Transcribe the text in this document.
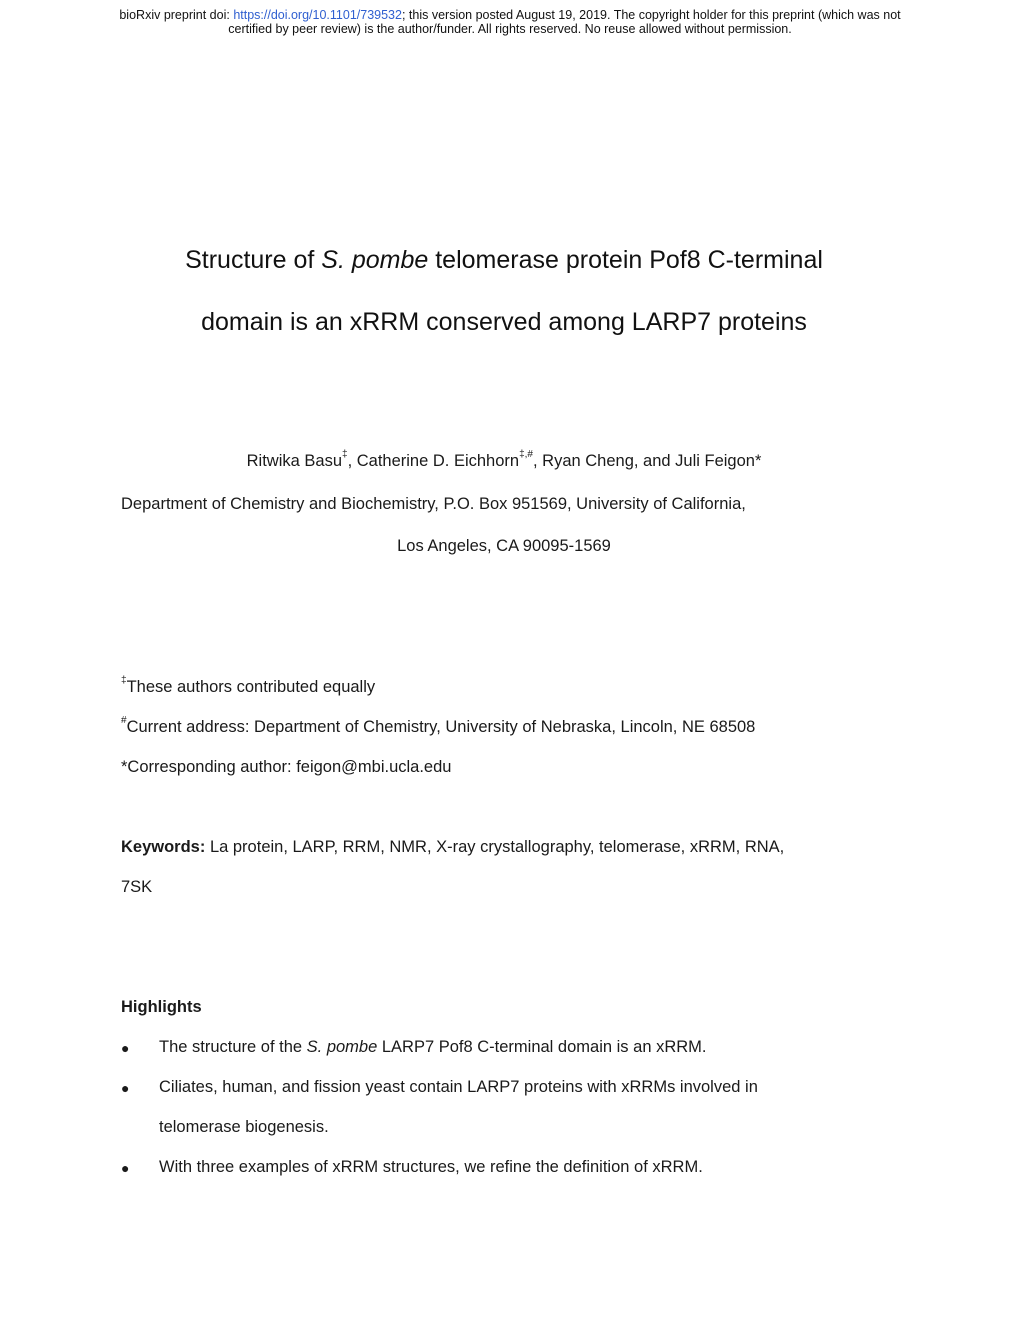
bioRxiv preprint doi: https://doi.org/10.1101/739532; this version posted August 19, 2019. The copyright holder for this preprint (which was not
certified by peer review) is the author/funder. All rights reserved. No reuse allowed without permission.
Structure of S. pombe telomerase protein Pof8 C-terminal
domain is an xRRM conserved among LARP7 proteins
Ritwika Basu‡, Catherine D. Eichhorn‡,#, Ryan Cheng, and Juli Feigon*
Department of Chemistry and Biochemistry, P.O. Box 951569, University of California,
Los Angeles, CA 90095-1569
‡These authors contributed equally
#Current address: Department of Chemistry, University of Nebraska, Lincoln, NE 68508
*Corresponding author: feigon@mbi.ucla.edu
Keywords: La protein, LARP, RRM, NMR, X-ray crystallography, telomerase, xRRM, RNA,
7SK
Highlights
● The structure of the S. pombe LARP7 Pof8 C-terminal domain is an xRRM.
● Ciliates, human, and fission yeast contain LARP7 proteins with xRRMs involved in
telomerase biogenesis.
● With three examples of xRRM structures, we refine the definition of xRRM.
